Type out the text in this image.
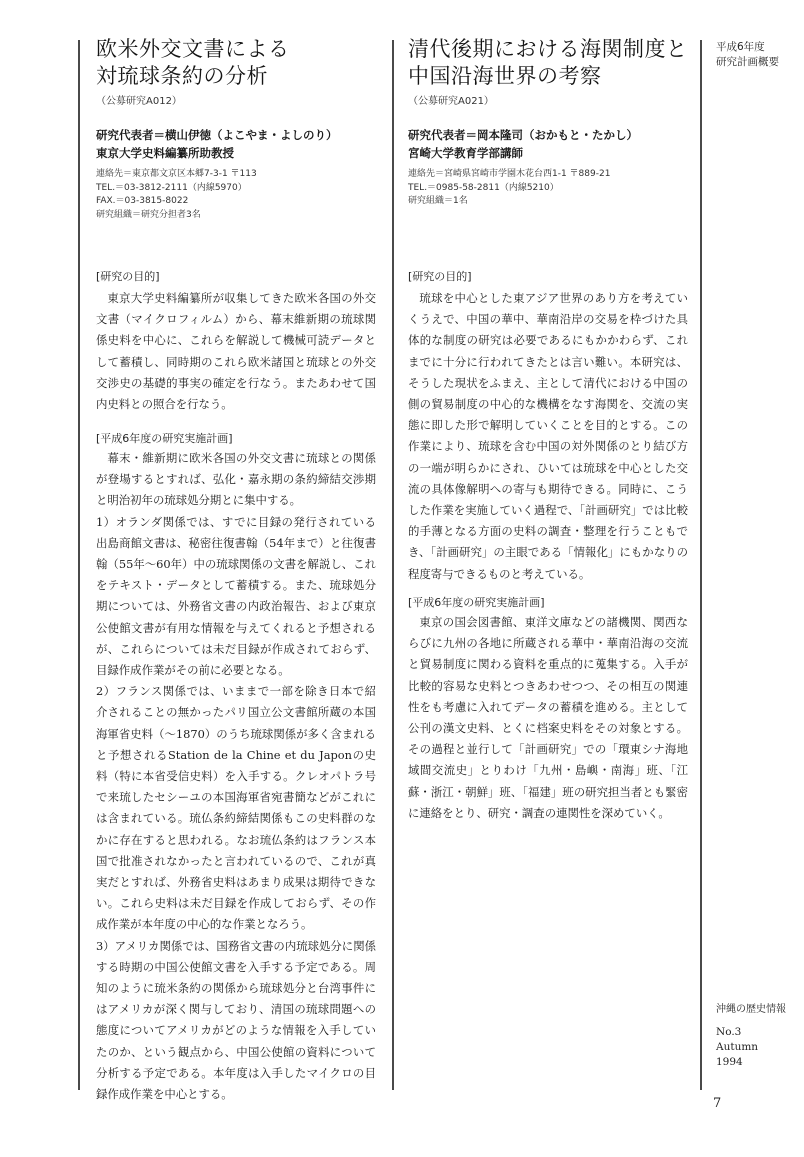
欧米外交文書による
対琉球条約の分析
（公募研究A012）
研究代表者＝横山伊徳（よこやま・よしのり）
東京大学史料編纂所助教授
連絡先＝東京都文京区本郷7-3-1 〒113
TEL.＝03-3812-2111（内線5970）
FAX.＝03-3815-8022
研究組織＝研究分担者3名
[研究の目的]

東京大学史料編纂所が収集してきた欧米各国の外交文書（マイクロフィルム）から、幕末維新期の琉球関係史料を中心に、これらを解説して機械可読データとして蓄積し、同時期のこれら欧米諸国と琉球との外交交渉史の基礎的事実の確定を行なう。またあわせて国内史料との照合を行なう。

[平成6年度の研究実施計画]

幕末・維新期に欧米各国の外交文書に琉球との関係が登場するとすれば、弘化・嘉永期の条約締結交渉期と明治初年の琉球処分期とに集中する。

1）オランダ関係では、すでに目録の発行されている出島商館文書は、秘密往復書翰（54年まで）と往復書翰（55年〜60年）中の琉球関係の文書を解説し、これをテキスト・データとして蓄積する。また、琉球処分期については、外務省文書の内政治報告、および東京公使館文書が有用な情報を与えてくれると予想されるが、これらについては未だ目録が作成されておらず、目録作成作業がその前に必要となる。

2）フランス関係では、いままで一部を除き日本で紹介されることの無かったパリ国立公文書館所蔵の本国海軍省史料（〜1870）のうち琉球関係が多く含まれると予想されるStation de la Chine et du Japonの史料（特に本省受信史料）を入手する。クレオパトラ号で来琉したセシーユの本国海軍省宛書簡などがこれには含まれている。琉仏条約締結関係もこの史料群のなかに存在すると思われる。なお琉仏条約はフランス本国で批准されなかったと言われているので、これが真実だとすれば、外務省史料はあまり成果は期待できない。これら史料は未だ目録を作成しておらず、その作成作業が本年度の中心的な作業となろう。

3）アメリカ関係では、国務省文書の内琉球処分に関係する時期の中国公使館文書を入手する予定である。周知のように琉米条約の関係から琉球処分と台湾事件にはアメリカが深く関与しており、清国の琉球問題への態度についてアメリカがどのような情報を入手していたのか、という観点から、中国公使館の資料について分析する予定である。本年度は入手したマイクロの目録作成作業を中心とする。

清代後期における海関制度と
中国沿海世界の考察
（公募研究A021）
研究代表者＝岡本隆司（おかもと・たかし）
宮崎大学教育学部講師
連絡先＝宮崎県宮崎市学園木花台西1-1 〒889-21
TEL.＝0985-58-2811（内線5210）
研究組織＝1名
[研究の目的]

琉球を中心とした東アジア世界のあり方を考えていくうえで、中国の華中、華南沿岸の交易を枠づけた具体的な制度の研究は必要であるにもかかわらず、これまでに十分に行われてきたとは言い難い。本研究は、そうした現状をふまえ、主として清代における中国の側の貿易制度の中心的な機構をなす海関を、交流の実態に即した形で解明していくことを目的とする。この作業により、琉球を含む中国の対外関係のとり結び方の一端が明らかにされ、ひいては琉球を中心とした交流の具体像解明への寄与も期待できる。同時に、こうした作業を実施していく過程で、「計画研究」では比較的手薄となる方面の史料の調査・整理を行うこともでき、「計画研究」の主眼である「情報化」にもかなりの程度寄与できるものと考えている。

[平成6年度の研究実施計画]

東京の国会図書館、東洋文庫などの諸機関、関西ならびに九州の各地に所蔵される華中・華南沿海の交流と貿易制度に関わる資料を重点的に蒐集する。入手が比較的容易な史料とつきあわせつつ、その相互の関連性をも考慮に入れてデータの蓄積を進める。主として公刊の漢文史料、とくに档案史料をその対象とする。その過程と並行して「計画研究」での「環東シナ海地域間交流史」とりわけ「九州・島嶼・南海」班、「江蘇・浙江・朝鮮」班、「福建」班の研究担当者とも緊密に連絡をとり、研究・調査の連関性を深めていく。

平成6年度
研究計画概要
沖縄の歴史情報
No.3
Autumn
1994
7
